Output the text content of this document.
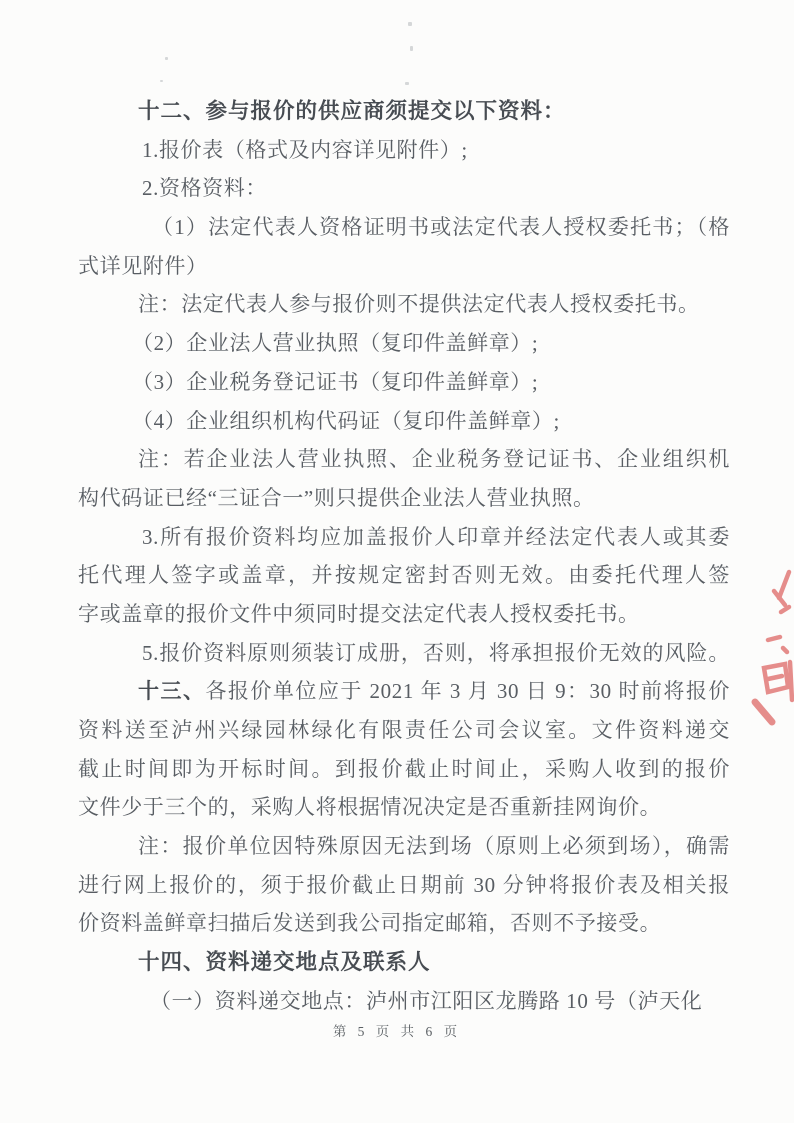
十二、参与报价的供应商须提交以下资料：
1.报价表（格式及内容详见附件）;
2.资格资料：
（1）法定代表人资格证明书或法定代表人授权委托书；（格
式详见附件）
注：法定代表人参与报价则不提供法定代表人授权委托书。
（2）企业法人营业执照（复印件盖鲜章）;
（3）企业税务登记证书（复印件盖鲜章）;
（4）企业组织机构代码证（复印件盖鲜章）;
注：若企业法人营业执照、企业税务登记证书、企业组织机
构代码证已经“三证合一”则只提供企业法人营业执照。
3.所有报价资料均应加盖报价人印章并经法定代表人或其委
托代理人签字或盖章，并按规定密封否则无效。由委托代理人签
字或盖章的报价文件中须同时提交法定代表人授权委托书。
5.报价资料原则须装订成册，否则，将承担报价无效的风险。
十三、各报价单位应于 2021 年 3 月 30 日 9：30 时前将报价
资料送至泸州兴绿园林绿化有限责任公司会议室。文件资料递交
截止时间即为开标时间。到报价截止时间止，采购人收到的报价
文件少于三个的，采购人将根据情况决定是否重新挂网询价。
注：报价单位因特殊原因无法到场（原则上必须到场），确需
进行网上报价的，须于报价截止日期前 30 分钟将报价表及相关报
价资料盖鲜章扫描后发送到我公司指定邮箱，否则不予接受。
十四、资料递交地点及联系人
（一）资料递交地点：泸州市江阳区龙腾路 10 号（泸天化
第 5 页 共 6 页
